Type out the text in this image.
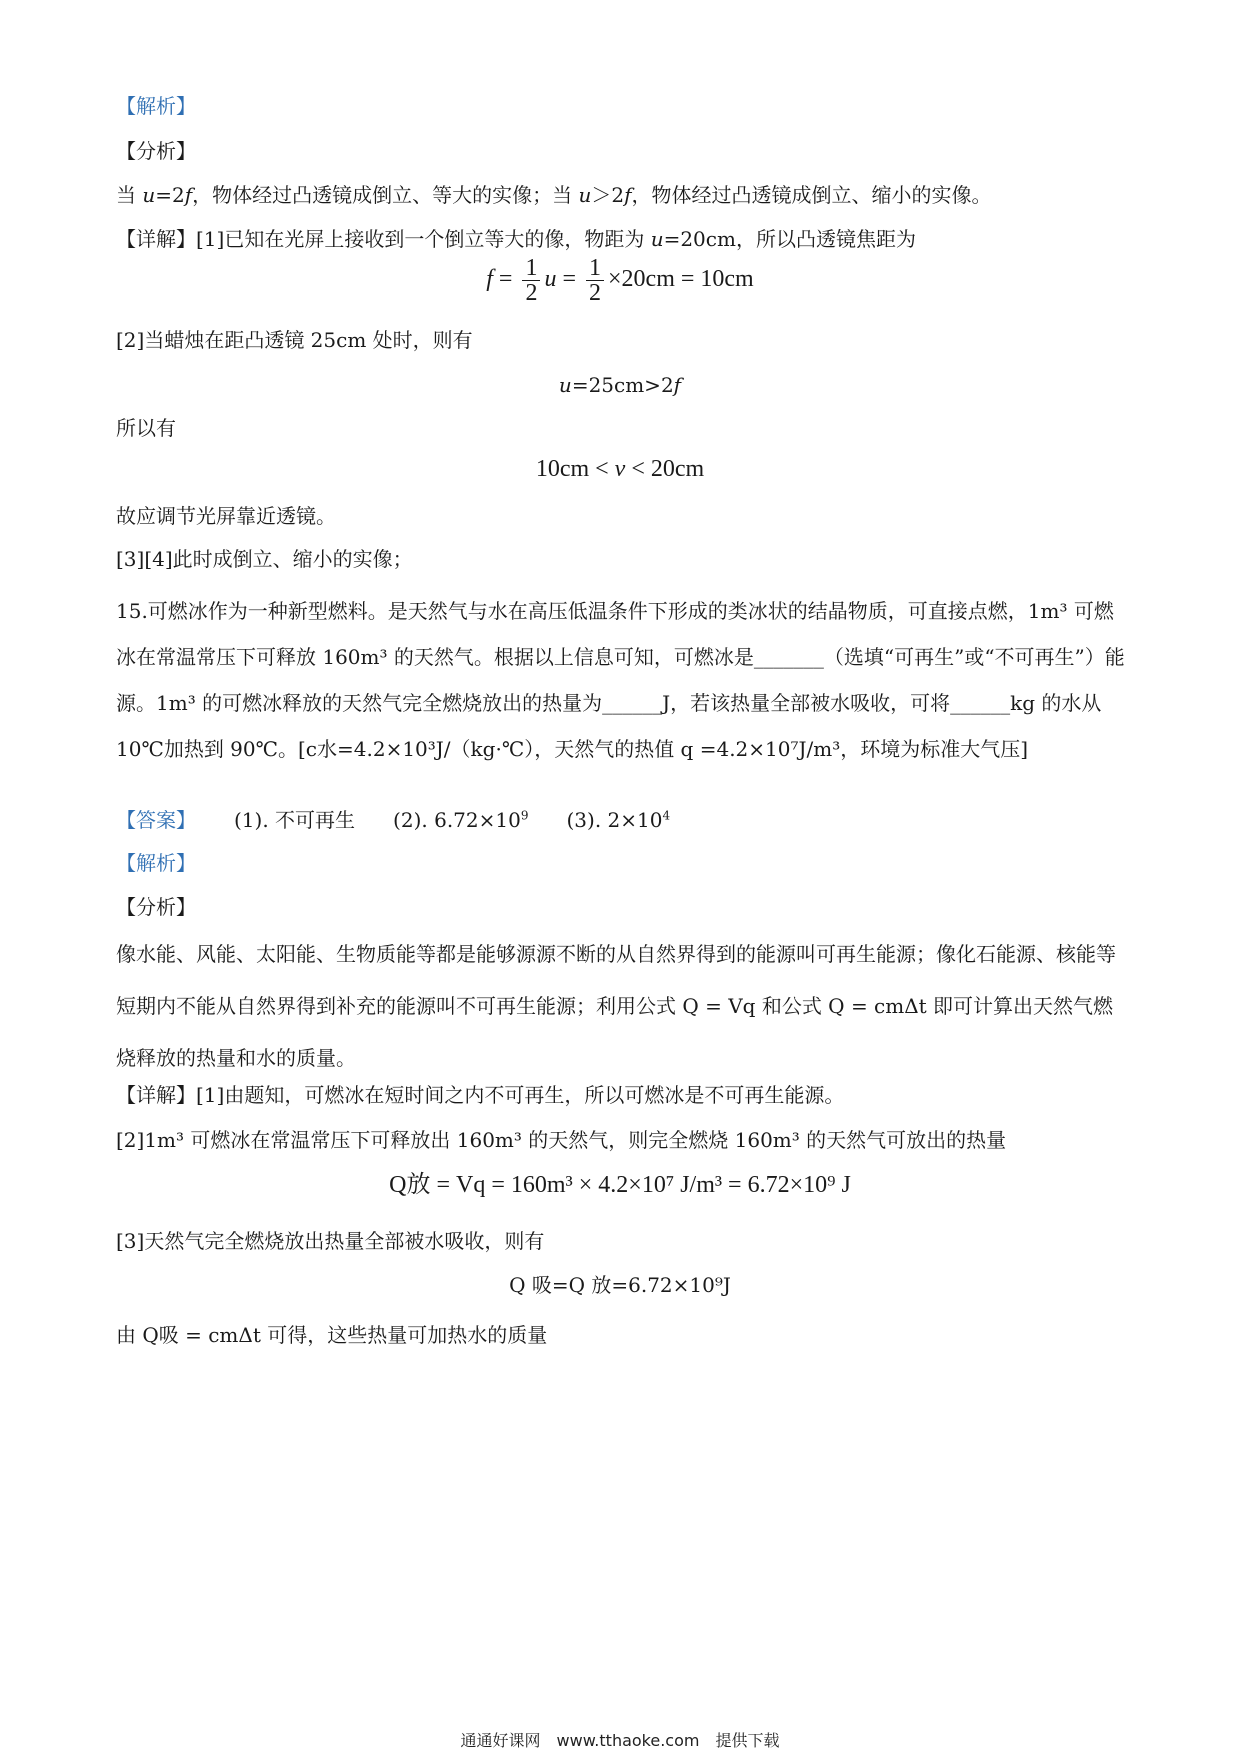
【解析】
【分析】
当 u=2f，物体经过凸透镜成倒立、等大的实像；当 u＞2f，物体经过凸透镜成倒立、缩小的实像。
【详解】[1]已知在光屏上接收到一个倒立等大的像，物距为 u=20cm，所以凸透镜焦距为
$f = \frac{1}{2}$ $u = \frac{1}{2} \times 20cm = 10cm$
[2]当蜡烛在距凸透镜 25cm 处时，则有
u=25cm>2f
所以有
10cm < v < 20cm
故应调节光屏靠近透镜。
[3][4]此时成倒立、缩小的实像；
15.可燃冰作为一种新型燃料。是天然气与水在高压低温条件下形成的类冰状的结晶物质，可直接点燃，1m³ 可燃冰在常温常压下可释放 160m³ 的天然气。根据以上信息可知，可燃冰是_______（选填“可再生”或“不可再生”）能源。1m³ 的可燃冰释放的天然气完全燃烧放出的热量为______J，若该热量全部被水吸收，可将______kg 的水从 10℃加热到 90℃。[c水=4.2×10³J/（kg·℃），天然气的热值 q =4.2×10⁷J/m³，环境为标准大气压]
【答案】 (1). 不可再生 (2). $6.72\times 10^9$ (3). $2\times 10^4$
【解析】
【分析】
像水能、风能、太阳能、生物质能等都是能够源源不断的从自然界得到的能源叫可再生能源；像化石能源、核能等短期内不能从自然界得到补充的能源叫不可再生能源；利用公式 Q = Vq 和公式 Q = cmΔt 即可计算出天然气燃烧释放的热量和水的质量。
【详解】[1]由题知，可燃冰在短时间之内不可再生，所以可燃冰是不可再生能源。
[2]1m³ 可燃冰在常温常压下可释放出 160m³ 的天然气，则完全燃烧 160m³ 的天然气可放出的热量
Q放 = Vq = 160m³ × 4.2×10⁷ J/m³ = 6.72×10⁹ J
[3]天然气完全燃烧放出热量全部被水吸收，则有
Q 吸=Q 放=6.72×10⁹J
由 Q吸 = cmΔt 可得，这些热量可加热水的质量
通通好课网　www.tthaoke.com　提供下载
